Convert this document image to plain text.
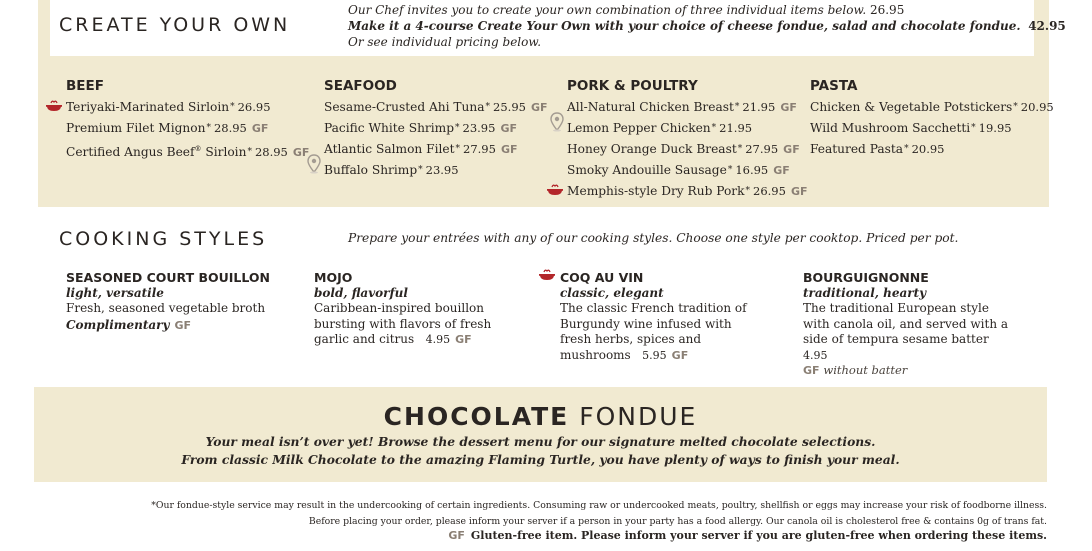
CREATE YOUR OWN
Our Chef invites you to create your own combination of three individual items below. 26.95
Make it a 4-course Create Your Own with your choice of cheese fondue, salad and chocolate fondue. 42.95
Or see individual pricing below.
BEEF
Teriyaki-Marinated Sirloin* 26.95
Premium Filet Mignon* 28.95 GF
Certified Angus Beef® Sirloin* 28.95 GF
SEAFOOD
Sesame-Crusted Ahi Tuna* 25.95 GF
Pacific White Shrimp* 23.95 GF
Atlantic Salmon Filet* 27.95 GF
Buffalo Shrimp* 23.95
PORK & POULTRY
All-Natural Chicken Breast* 21.95 GF
Lemon Pepper Chicken* 21.95
Honey Orange Duck Breast* 27.95 GF
Smoky Andouille Sausage* 16.95 GF
Memphis-style Dry Rub Pork* 26.95 GF
PASTA
Chicken & Vegetable Potstickers* 20.95
Wild Mushroom Sacchetti* 19.95
Featured Pasta* 20.95
COOKING STYLES	Prepare your entrées with any of our cooking styles. Choose one style per cooktop. Priced per pot.
SEASONED COURT BOUILLON
light, versatile
Fresh, seasoned vegetable broth
Complimentary GF
MOJO
bold, flavorful
Caribbean-inspired bouillon bursting with flavors of fresh garlic and citrus 4.95 GF
COQ AU VIN
classic, elegant
The classic French tradition of Burgundy wine infused with fresh herbs, spices and mushrooms 5.95 GF
BOURGUIGNONNE
traditional, hearty
The traditional European style with canola oil, and served with a side of tempura sesame batter   4.95
GF without batter
CHOCOLATE FONDUE
Your meal isn’t over yet! Browse the dessert menu for our signature melted chocolate selections.
From classic Milk Chocolate to the amazing Flaming Turtle, you have plenty of ways to finish your meal.
*Our fondue-style service may result in the undercooking of certain ingredients. Consuming raw or undercooked meats, poultry, shellfish or eggs may increase your risk of foodborne illness.
Before placing your order, please inform your server if a person in your party has a food allergy. Our canola oil is cholesterol free & contains 0g of trans fat.
GF Gluten-free item. Please inform your server if you are gluten-free when ordering these items.
